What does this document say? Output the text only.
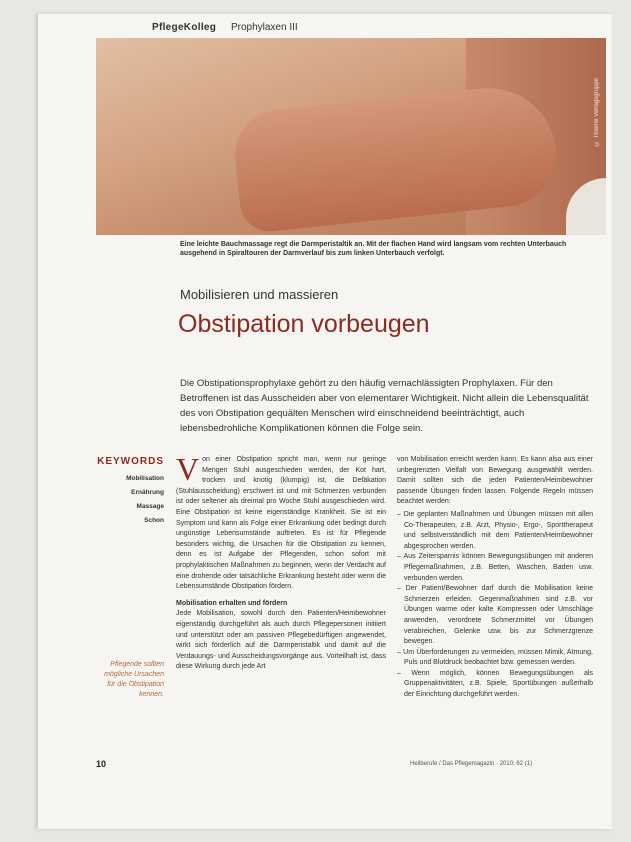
PflegeKolleg Prophylaxen III
© Thieme Verlagsgruppe
Eine leichte Bauchmassage regt die Darmperistaltik an. Mit der flachen Hand wird langsam vom rechten Unterbauch ausgehend in Spiraltouren der Darmverlauf bis zum linken Unterbauch verfolgt.
Mobilisieren und massieren
Obstipation vorbeugen
Die Obstipationsprophylaxe gehört zu den häufig vernachlässigten Prophylaxen. Für den Betroffenen ist das Ausscheiden aber von elementarer Wichtigkeit. Nicht allein die Lebensqualität des von Obstipation gequälten Menschen wird einschneidend beeinträchtigt, auch lebensbedrohliche Komplikationen können die Folge sein.
KEYWORDS
Mobilisation
Ernährung
Massage
Schon
Pflegende sollten mögliche Ursachen für die Obstipation kennen.
V on einer Obstipation spricht man, wenn nur geringe Mengen Stuhl ausgeschieden werden, der Kot hart, trocken und knotig (klumpig) ist, die Defäkation (Stuhlausscheidung) erschwert ist und mit Schmerzen verbunden ist oder seltener als dreimal pro Woche Stuhl ausgeschieden wird. Eine Obstipation ist keine eigenständige Krankheit. Sie ist ein Symptom und kann als Folge einer Erkrankung oder bedingt durch ungünstige Lebensumstände auftreten. Es ist für Pflegende besonders wichtig, die Ursachen für die Obstipation zu kennen, denn es ist Aufgabe der Pflegenden, schon sofort mit prophylaktischen Maßnahmen zu beginnen, wenn der Verdacht auf eine drohende oder tatsächliche Erkrankung besteht oder wenn die Lebensumstände Obstipation fördern.
Mobilisation erhalten und fördern
Jede Mobilisation, sowohl durch den Patienten/Heimbewohner eigenständig durchgeführt als auch durch Pflegepersonen initiiert und unterstützt oder am passiven Pflegebedürftigen angewendet, wirkt sich förderlich auf die Darmperistaltik und damit auf die Verdauungs- und Ausscheidungsvorgänge aus. Vorteilhaft ist, dass diese Wirkung durch jede Art
von Mobilisation erreicht werden kann. Es kann also aus einer unbegrenzten Vielfalt von Bewegung ausgewählt werden. Damit sollten sich die jeden Patienten/Heimbewohner passende Übungen finden lassen. Folgende Regeln müssen beachtet werden:
– Die geplanten Maßnahmen und Übungen müssen mit allen Co-Therapeuten, z.B. Arzt, Physio-, Ergo-, Sporttherapeut und selbstverständlich mit dem Patienten/Heimbewohner abgesprochen werden.
– Aus Zeitersparnis können Bewegungsübungen mit anderen Pflegemaßnahmen, z.B. Betten, Waschen, Baden usw. verbunden werden.
– Der Patient/Bewohner darf durch die Mobilisation keine Schmerzen erleiden. Gegenmaßnahmen sind z.B. vor Übungen warme oder kalte Kompressen oder Umschläge anwenden, verordnete Schmerzmittel vor Übungen verabreichen, Gelenke usw. bis zur Schmerzgrenze bewegen.
– Um Überforderungen zu vermeiden, müssen Mimik, Atmung, Puls und Blutdruck beobachtet bzw. gemessen werden.
– Wenn möglich, können Bewegungsübungen als Gruppenaktivitäten, z.B. Spiele, Sportübungen außerhalb der Einrichtung durchgeführt werden.
10	Heilberufe / Das Pflegemagazin · 2010; 62 (1)
